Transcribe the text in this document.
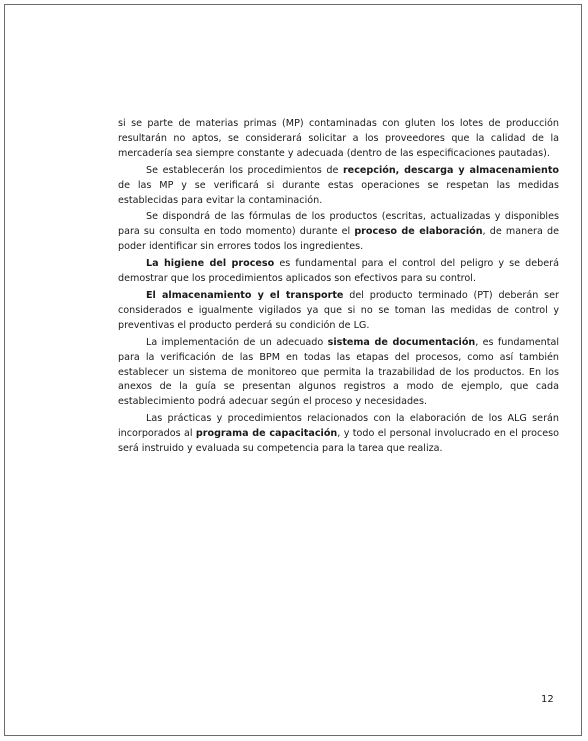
si se parte de materias primas (MP) contaminadas con gluten los lotes de producción resultarán no aptos, se considerará solicitar a los proveedores que la calidad de la mercadería sea siempre constante y adecuada (dentro de las especificaciones pautadas).

Se establecerán los procedimientos de recepción, descarga y almacenamiento de las MP y se verificará si durante estas operaciones se respetan las medidas establecidas para evitar la contaminación.

Se dispondrá de las fórmulas de los productos (escritas, actualizadas y disponibles para su consulta en todo momento) durante el proceso de elaboración, de manera de poder identificar sin errores todos los ingredientes.

La higiene del proceso es fundamental para el control del peligro y se deberá demostrar que los procedimientos aplicados son efectivos para su control.

El almacenamiento y el transporte del producto terminado (PT) deberán ser considerados e igualmente vigilados ya que si no se toman las medidas de control y preventivas el producto perderá su condición de LG.

La implementación de un adecuado sistema de documentación, es fundamental para la verificación de las BPM en todas las etapas del procesos, como así también establecer un sistema de monitoreo que permita la trazabilidad de los productos. En los anexos de la guía se presentan algunos registros a modo de ejemplo, que cada establecimiento podrá adecuar según el proceso y necesidades.

Las prácticas y procedimientos relacionados con la elaboración de los ALG serán incorporados al programa de capacitación, y todo el personal involucrado en el proceso será instruido y evaluada su competencia para la tarea que realiza.

12
